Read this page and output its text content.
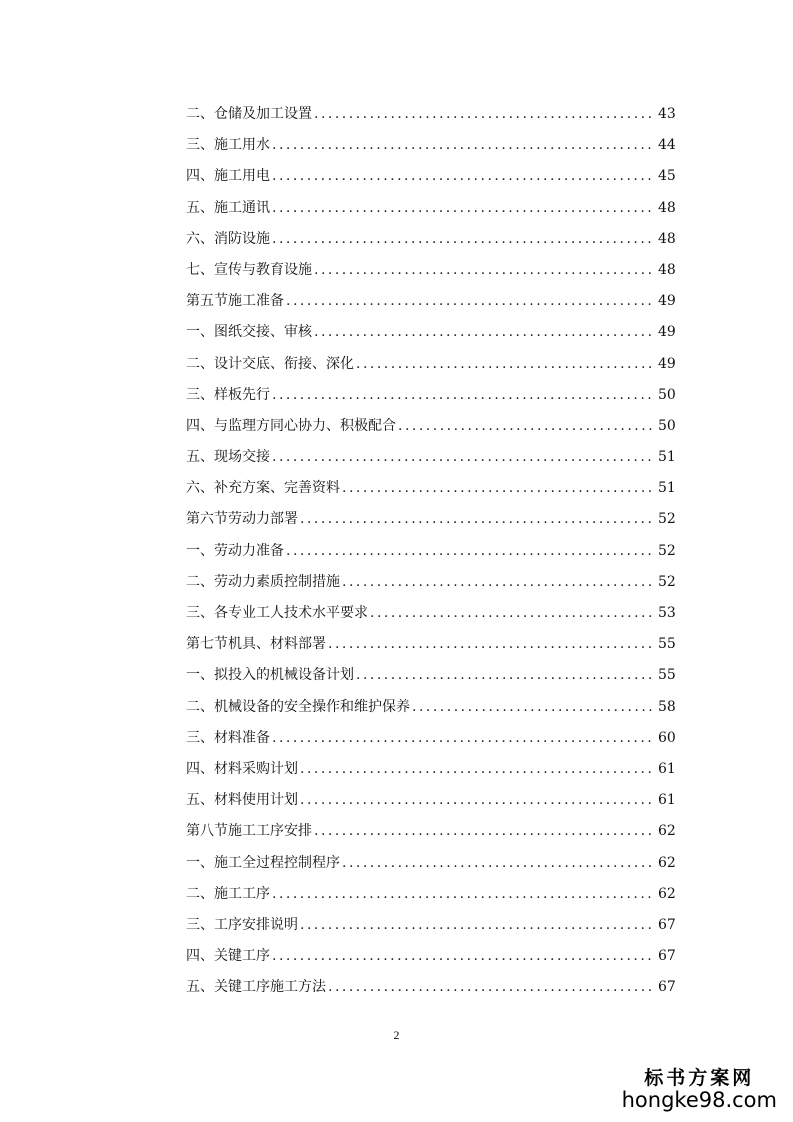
二、 仓储及加工设置 .....	43
三、 施工用水 .....	44
四、 施工用电 .....	45
五、 施工通讯 .....	48
六、 消防设施 .....	48
七、 宣传与教育设施 .....	48
第五节 施工准备 .....	49
一、 图纸交接、审核 .....	49
二、 设计交底、衔接、深化 .....	49
三、 样板先行 .....	50
四、 与监理方同心协力、积极配合 .....	50
五、 现场交接 .....	51
六、 补充方案、完善资料 .....	51
第六节 劳动力部署 .....	52
一、 劳动力准备 .....	52
二、 劳动力素质控制措施 .....	52
三、 各专业工人技术水平要求 .....	53
第七节 机具、材料部署 .....	55
一、 拟投入的机械设备计划 .....	55
二、 机械设备的安全操作和维护保养 .....	58
三、 材料准备 .....	60
四、 材料采购计划 .....	61
五、 材料使用计划 .....	61
第八节 施工工序安排 .....	62
一、 施工全过程控制程序 .....	62
二、 施工工序 .....	62
三、 工序安排说明 .....	67
四、 关键工序 .....	67
五、 关键工序施工方法 .....	67
2
标书方案网
hongke98.com
